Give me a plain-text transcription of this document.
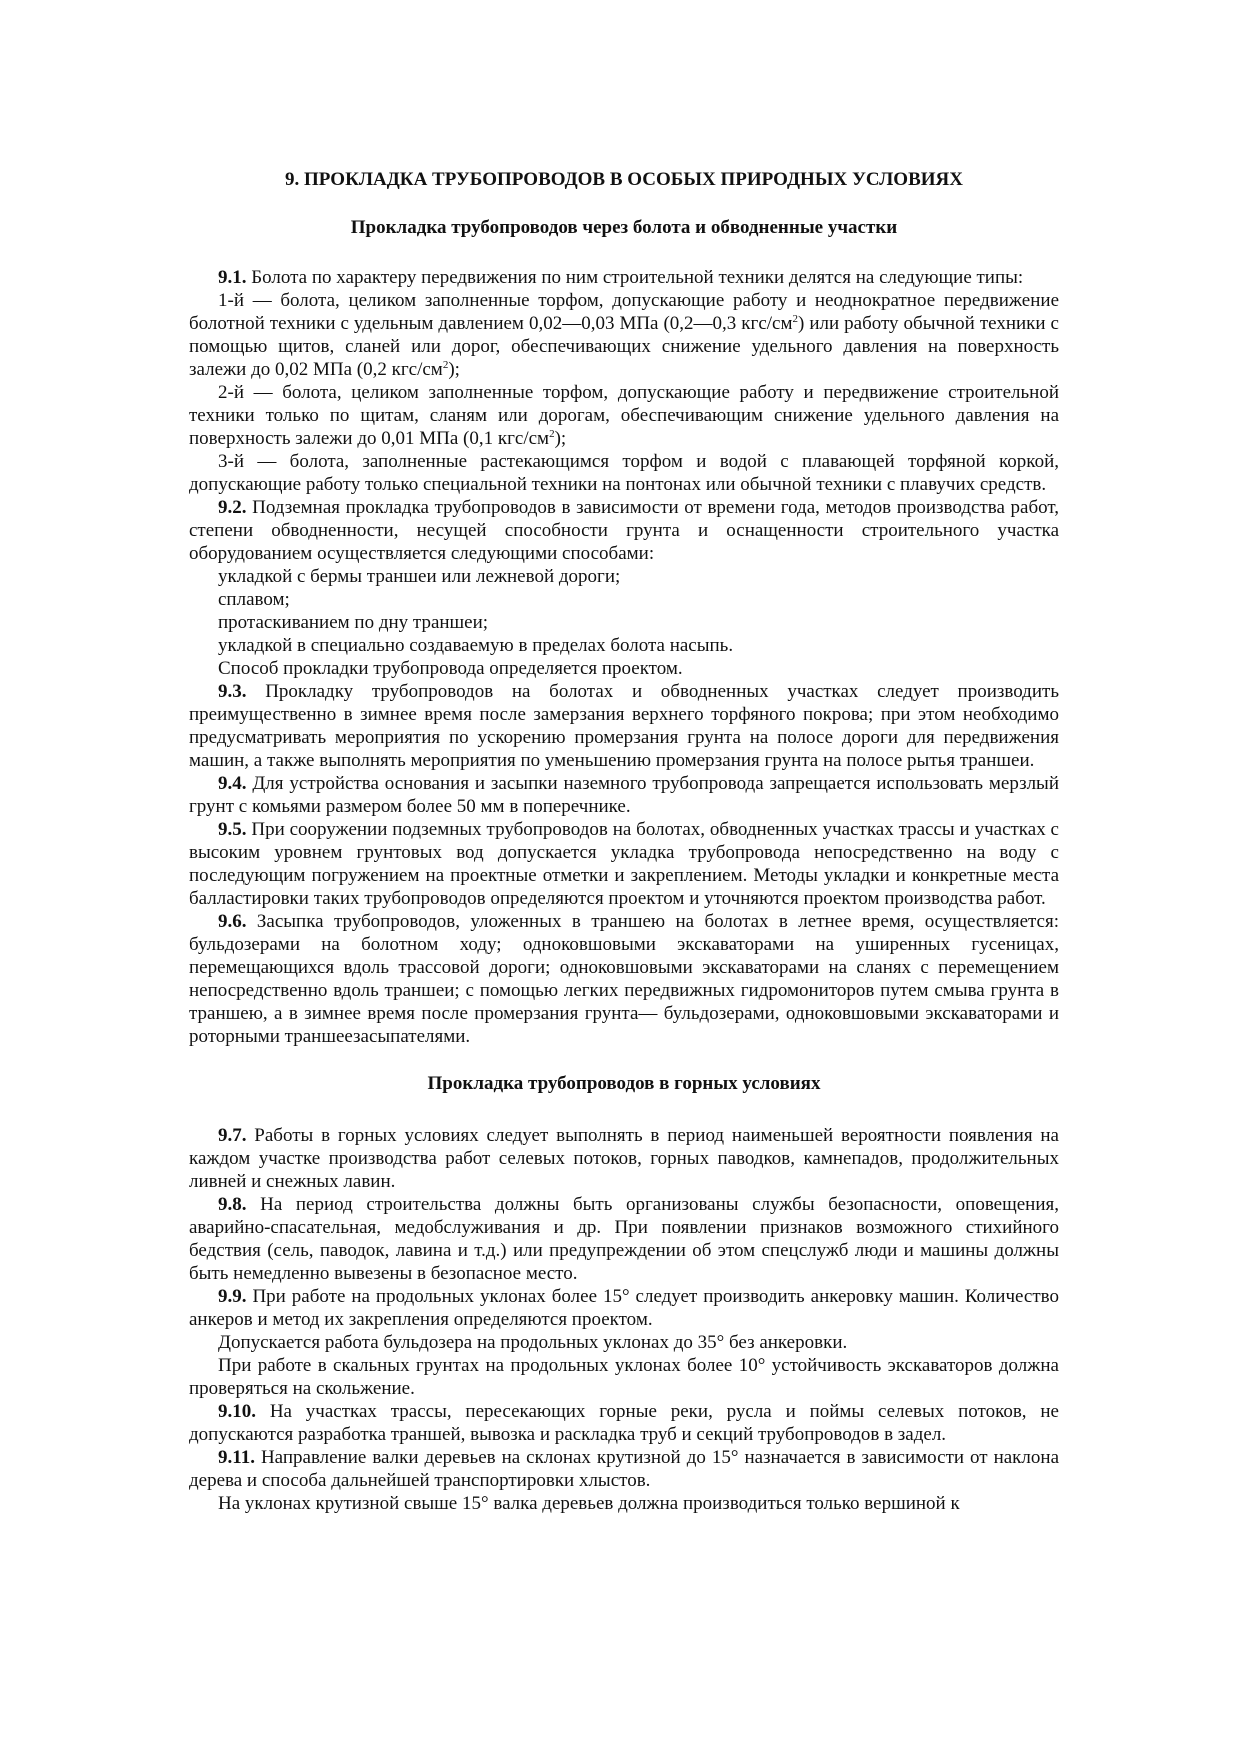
9. ПРОКЛАДКА ТРУБОПРОВОДОВ В ОСОБЫХ ПРИРОДНЫХ УСЛОВИЯХ
Прокладка трубопроводов через болота и обводненные участки

9.1. Болота по характеру передвижения по ним строительной техники делятся на следующие типы:

1-й — болота, целиком заполненные торфом, допускающие работу и неоднократное передвижение болотной техники с удельным давлением 0,02—0,03 МПа (0,2—0,3 кгс/$см^2$) или работу обычной техники с помощью щитов, сланей или дорог, обеспечивающих снижение удельного давления на поверхность залежи до 0,02 МПа (0,2 кгс/$см^2$);

2-й — болота, целиком заполненные торфом, допускающие работу и передвижение строительной техники только по щитам, сланям или дорогам, обеспечивающим снижение удельного давления на поверхность залежи до 0,01 МПа (0,1 кгс/$см^2$);

3-й — болота, заполненные растекающимся торфом и водой с плавающей торфяной коркой, допускающие работу только специальной техники на понтонах или обычной техники с плавучих средств.

9.2. Подземная прокладка трубопроводов в зависимости от времени года, методов производства работ, степени обводненности, несущей способности грунта и оснащенности строительного участка оборудованием осуществляется следующими способами:

укладкой с бермы траншеи или лежневой дороги;

сплавом;

протаскиванием по дну траншеи;

укладкой в специально создаваемую в пределах болота насыпь.

Способ прокладки трубопровода определяется проектом.

9.3. Прокладку трубопроводов на болотах и обводненных участках следует производить преимущественно в зимнее время после замерзания верхнего торфяного покрова; при этом необходимо предусматривать мероприятия по ускорению промерзания грунта на полосе дороги для передвижения машин, а также выполнять мероприятия по уменьшению промерзания грунта на полосе рытья траншеи.

9.4. Для устройства основания и засыпки наземного трубопровода запрещается использовать мерзлый грунт с комьями размером более 50 мм в поперечнике.

9.5. При сооружении подземных трубопроводов на болотах, обводненных участках трассы и участках с высоким уровнем грунтовых вод допускается укладка трубопровода непосредственно на воду с последующим погружением на проектные отметки и закреплением. Методы укладки и конкретные места балластировки таких трубопроводов определяются проектом и уточняются проектом производства работ.

9.6. Засыпка трубопроводов, уложенных в траншею на болотах в летнее время, осуществляется: бульдозерами на болотном ходу; одноковшовыми экскаваторами на уширенных гусеницах, перемещающихся вдоль трассовой дороги; одноковшовыми экскаваторами на сланях с перемещением непосредственно вдоль траншеи; с помощью легких передвижных гидромониторов путем смыва грунта в траншею, а в зимнее время после промерзания грунта— бульдозерами, одноковшовыми экскаваторами и роторными траншеезасыпателями.

Прокладка трубопроводов в горных условиях

9.7. Работы в горных условиях следует выполнять в период наименьшей вероятности появления на каждом участке производства работ селевых потоков, горных паводков, камнепадов, продолжительных ливней и снежных лавин.

9.8. На период строительства должны быть организованы службы безопасности, оповещения, аварийно-спасательная, медобслуживания и др. При появлении признаков возможного стихийного бедствия (сель, паводок, лавина и т.д.) или предупреждении об этом спецслужб люди и машины должны быть немедленно вывезены в безопасное место.

9.9. При работе на продольных уклонах более 15° следует производить анкеровку машин. Количество анкеров и метод их закрепления определяются проектом.

Допускается работа бульдозера на продольных уклонах до 35° без анкеровки.

При работе в скальных грунтах на продольных уклонах более 10° устойчивость экскаваторов должна проверяться на скольжение.

9.10. На участках трассы, пересекающих горные реки, русла и поймы селевых потоков, не допускаются разработка траншей, вывозка и раскладка труб и секций трубопроводов в задел.

9.11. Направление валки деревьев на склонах крутизной до 15° назначается в зависимости от наклона дерева и способа дальнейшей транспортировки хлыстов.

На уклонах крутизной свыше 15° валка деревьев должна производиться только вершиной к
